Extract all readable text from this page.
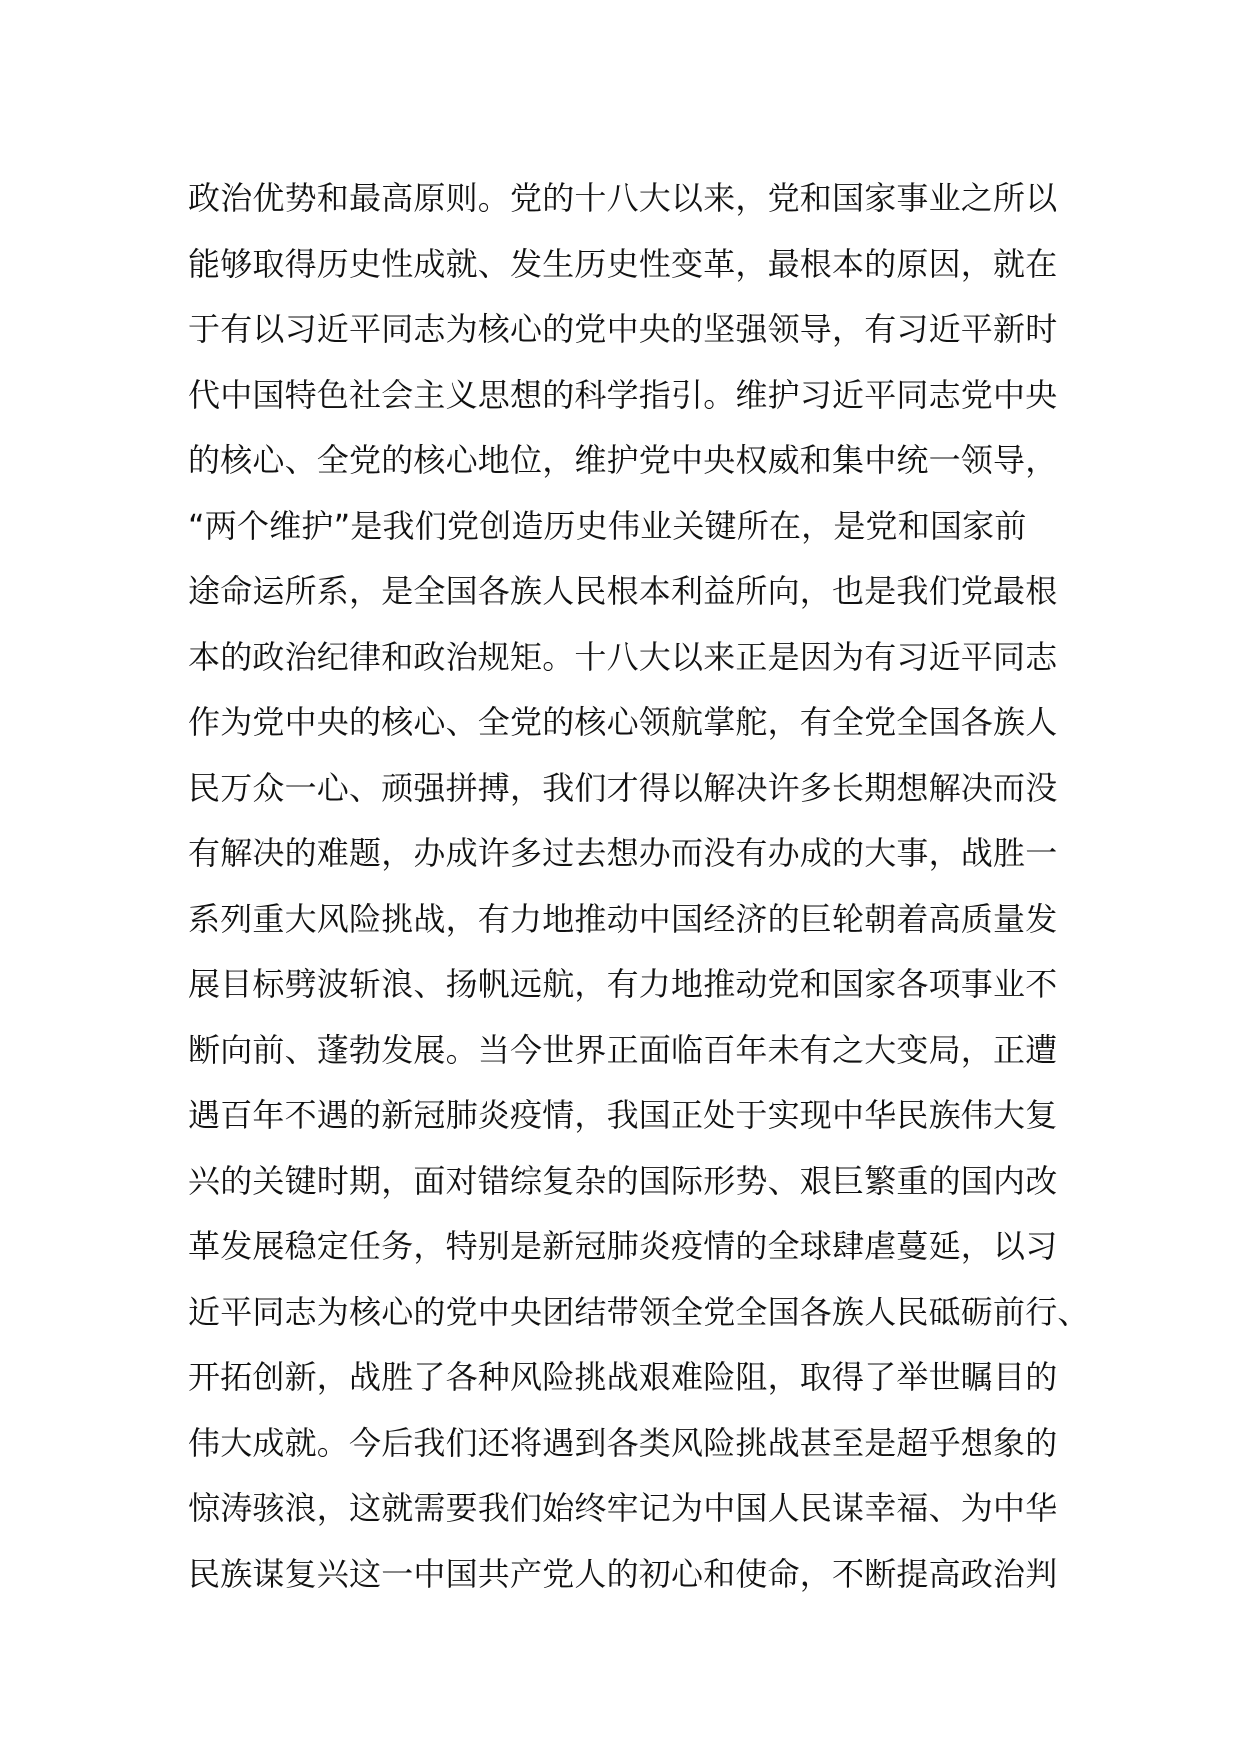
政治优势和最高原则。党的十八大以来，党和国家事业之所以
能够取得历史性成就、发生历史性变革，最根本的原因，就在
于有以习近平同志为核心的党中央的坚强领导，有习近平新时
代中国特色社会主义思想的科学指引。维护习近平同志党中央
的核心、全党的核心地位，维护党中央权威和集中统一领导，
“两个维护”是我们党创造历史伟业关键所在，是党和国家前
途命运所系，是全国各族人民根本利益所向，也是我们党最根
本的政治纪律和政治规矩。十八大以来正是因为有习近平同志
作为党中央的核心、全党的核心领航掌舵，有全党全国各族人
民万众一心、顽强拼搏，我们才得以解决许多长期想解决而没
有解决的难题，办成许多过去想办而没有办成的大事，战胜一
系列重大风险挑战，有力地推动中国经济的巨轮朝着高质量发
展目标劈波斩浪、扬帆远航，有力地推动党和国家各项事业不
断向前、蓬勃发展。当今世界正面临百年未有之大变局，正遭
遇百年不遇的新冠肺炎疫情，我国正处于实现中华民族伟大复
兴的关键时期，面对错综复杂的国际形势、艰巨繁重的国内改
革发展稳定任务，特别是新冠肺炎疫情的全球肆虐蔓延，以习
近平同志为核心的党中央团结带领全党全国各族人民砥砺前行、
开拓创新，战胜了各种风险挑战艰难险阻，取得了举世瞩目的
伟大成就。今后我们还将遇到各类风险挑战甚至是超乎想象的
惊涛骇浪，这就需要我们始终牢记为中国人民谋幸福、为中华
民族谋复兴这一中国共产党人的初心和使命，不断提高政治判
